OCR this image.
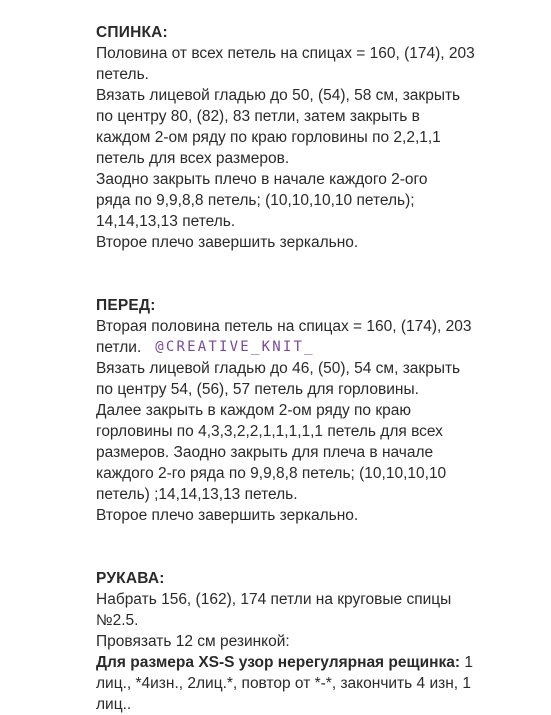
СПИНКА:
Половина от всех петель на спицах = 160, (174), 203
петель.
Вязать лицевой гладью до 50, (54), 58 см, закрыть
по центру 80, (82), 83 петли, затем закрыть в
каждом 2-ом ряду по краю горловины по 2,2,1,1
петель для всех размеров.
Заодно закрыть плечо в начале каждого 2-ого
ряда по 9,9,8,8 петель; (10,10,10,10 петель);
14,14,13,13 петель.
Второе плечо завершить зеркально.
ПЕРЕД:
Вторая половина петель на спицах = 160, (174), 203
петли. @CREATIVE_KNIT_
Вязать лицевой гладью до 46, (50), 54 см, закрыть
по центру 54, (56), 57 петель для горловины.
Далее закрыть в каждом 2-ом ряду по краю
горловины по 4,3,3,2,2,1,1,1,1,1 петель для всех
размеров. Заодно закрыть для плеча в начале
каждого 2-го ряда по 9,9,8,8 петель; (10,10,10,10
петель) ;14,14,13,13 петель.
Второе плечо завершить зеркально.
РУКАВА:
Набрать 156, (162), 174 петли на круговые спицы
№2.5.
Провязать 12 см резинкой:
Для размера XS-S узор нерегулярная рещинка: 1
лиц., *4изн., 2лиц.*, повтор от *-*, закончить 4 изн, 1
лиц..
